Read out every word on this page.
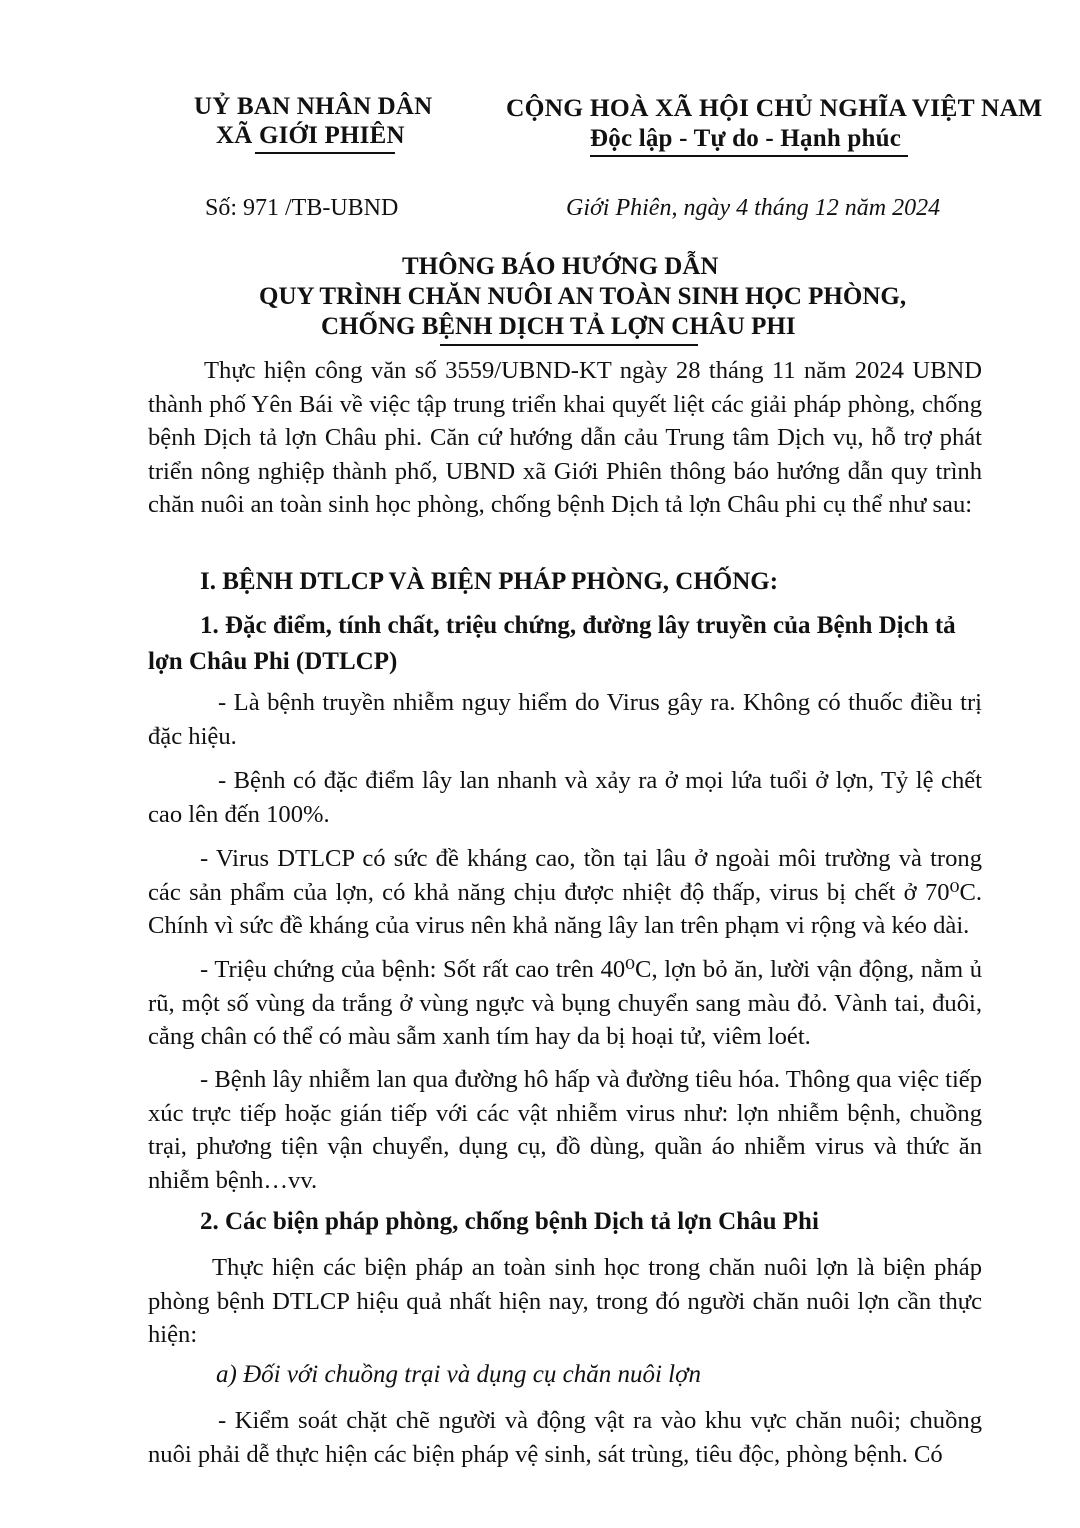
UỶ BAN NHÂN DÂN
XÃ GIỚI PHIÊN
CỘNG HOÀ XÃ HỘI CHỦ NGHĨA VIỆT NAM
Độc lập - Tự do - Hạnh phúc
Số: 971 /TB-UBND	Giới Phiên, ngày 4 tháng 12 năm 2024
THÔNG BÁO HƯỚNG DẪN
QUY TRÌNH CHĂN NUÔI AN TOÀN SINH HỌC PHÒNG,
CHỐNG BỆNH DỊCH TẢ LỢN CHÂU PHI
Thực hiện công văn số 3559/UBND-KT ngày 28 tháng 11 năm 2024 UBND thành phố Yên Bái về việc tập trung triển khai quyết liệt các giải pháp phòng, chống bệnh Dịch tả lợn Châu phi. Căn cứ hướng dẫn cảu Trung tâm Dịch vụ, hỗ trợ phát triển nông nghiệp thành phố, UBND xã Giới Phiên thông báo hướng dẫn quy trình chăn nuôi an toàn sinh học phòng, chống bệnh Dịch tả lợn Châu phi cụ thể như sau:
I. BỆNH DTLCP VÀ BIỆN PHÁP PHÒNG, CHỐNG:
1. Đặc điểm, tính chất, triệu chứng, đường lây truyền của Bệnh Dịch tả lợn Châu Phi (DTLCP)
- Là bệnh truyền nhiễm nguy hiểm do Virus gây ra. Không có thuốc điều trị đặc hiệu.
- Bệnh có đặc điểm lây lan nhanh và xảy ra ở mọi lứa tuổi ở lợn, Tỷ lệ chết cao lên đến 100%.
- Virus DTLCP có sức đề kháng cao, tồn tại lâu ở ngoài môi trường và trong các sản phẩm của lợn, có khả năng chịu được nhiệt độ thấp, virus bị chết ở 70⁰C. Chính vì sức đề kháng của virus nên khả năng lây lan trên phạm vi rộng và kéo dài.
- Triệu chứng của bệnh: Sốt rất cao trên 40⁰C, lợn bỏ ăn, lười vận động, nằm ủ rũ, một số vùng da trắng ở vùng ngực và bụng chuyển sang màu đỏ. Vành tai, đuôi, cẳng chân có thể có màu sẫm xanh tím hay da bị hoại tử, viêm loét.
- Bệnh lây nhiễm lan qua đường hô hấp và đường tiêu hóa. Thông qua việc tiếp xúc trực tiếp hoặc gián tiếp với các vật nhiễm virus như: lợn nhiễm bệnh, chuồng trại, phương tiện vận chuyển, dụng cụ, đồ dùng, quần áo nhiễm virus và thức ăn nhiễm bệnh…vv.
2. Các biện pháp phòng, chống bệnh Dịch tả lợn Châu Phi
Thực hiện các biện pháp an toàn sinh học trong chăn nuôi lợn là biện pháp phòng bệnh DTLCP hiệu quả nhất hiện nay, trong đó người chăn nuôi lợn cần thực hiện:
a) Đối với chuồng trại và dụng cụ chăn nuôi lợn
- Kiểm soát chặt chẽ người và động vật ra vào khu vực chăn nuôi; chuồng nuôi phải dễ thực hiện các biện pháp vệ sinh, sát trùng, tiêu độc, phòng bệnh. Có
